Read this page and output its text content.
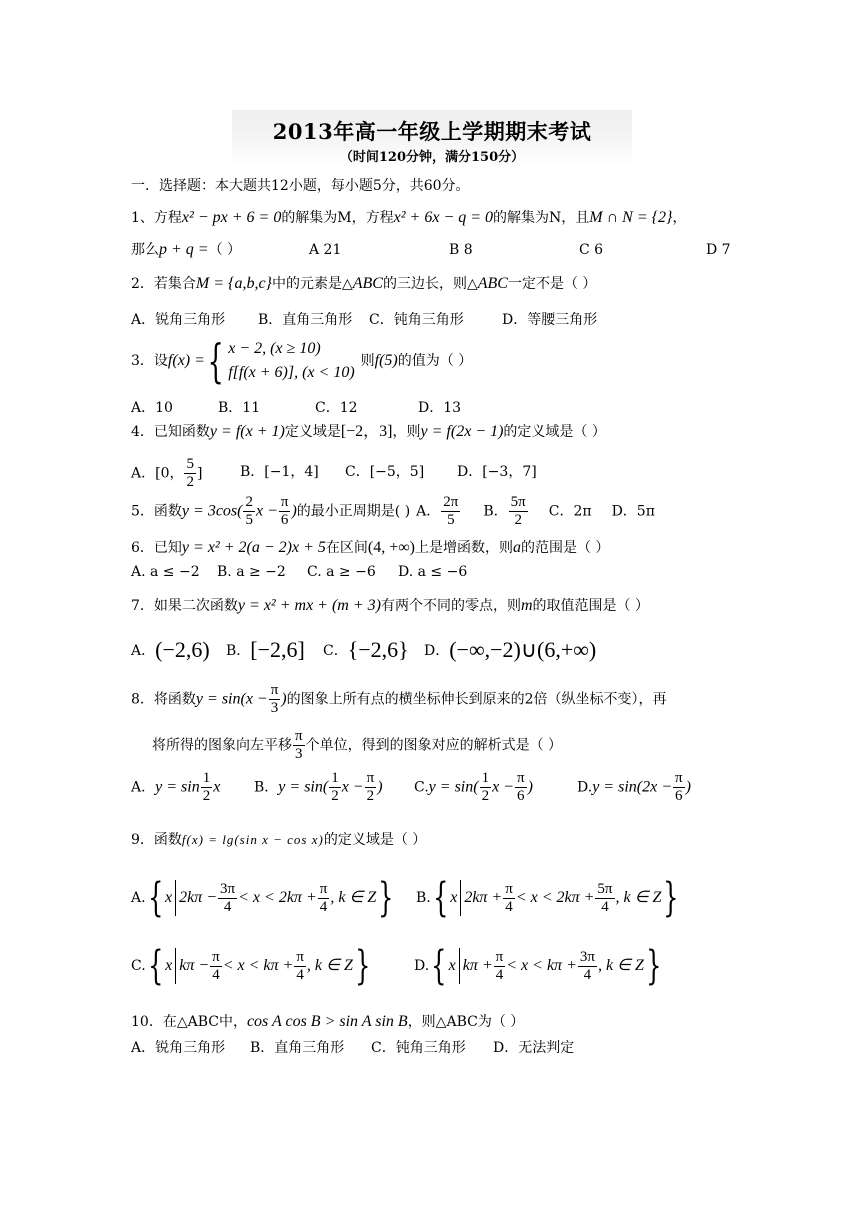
2013年高一年级上学期期末考试
（时间120分钟，满分150分）
一．选择题：本大题共12小题，每小题5分，共60分。
1、方程x² − px + 6 = 0的解集为M，方程x² + 6x − q = 0的解集为N，且M ∩ N = {2}，
那么p + q =（ ）	A 21	B 8	C 6	D 7
2．若集合M = {a,b,c}中的元素是△ABC的三边长，则△ABC一定不是（ ）
A．锐角三角形 B．直角三角形 C．钝角三角形	D．等腰三角形
3．设f(x) ={ x − 2, (x ≥ 10)
f[f(x + 6)], (x < 10)
则f(5)的值为（ ）
A．10	B．11	C．12	D．13
4．已知函数y = f(x + 1)定义域是[−2，3]，则y = f(2x − 1)的定义域是（ ）
A．[0， $\frac{5}{2}$ ]	B．[−1，4] C．[−5，5] D．[−3，7]
5．函数$y = 3\cos( \frac{2}{5}$ $x - \frac{\pi}{6}$ )的最小正周期是( ) A． $\frac{2\pi}{5}$ B． $\frac{5\pi}{2}$ C．2π D．5π
6．已知y = x² + 2(a − 2)x + 5在区间(4, +∞)上是增函数，则a的范围是（ ）
A. a ≤ −2 B. a ≥ −2 C. a ≥ −6 D. a ≤ −6
7．如果二次函数y = x² + mx + (m + 3)有两个不同的零点，则m的取值范围是（ ）
A．(−2,6) B．[−2,6] C．{−2,6} D．(−∞,−2)∪(6,+∞)
8．将函数$y = \sin(x - \frac{\pi}{3}$ )的图象上所有点的横坐标伸长到原来的2倍（纵坐标不变），再
将所得的图象向左平移 $\frac{\pi}{3}$ 个单位，得到的图象对应的解析式是（ ）
A．$y = \sin \frac{1}{2}$ x B．$y = \sin( \frac{1}{2}$ $x - \frac{\pi}{2}$ ) $C.y = \sin( \frac{1}{2}$ $x - \frac{\pi}{6}$ )	$D.y = \sin(2x - \frac{\pi}{6}$ )
9．函数f(x) = lg(sin x − cos x)的定义域是（ ）
A.{ x $2k\pi - \frac{3\pi}{4} < x < 2k\pi + \frac{\pi}{4}$ , k ∈ Z} B.{ x $2k\pi + \frac{\pi}{4} < x < 2k\pi + \frac{5\pi}{4}$ , k ∈ Z}
C.{ x $k\pi - \frac{\pi}{4} < x < k\pi + \frac{\pi}{4}$ , k ∈ Z}	D.{ x $k\pi + \frac{\pi}{4} < x < k\pi + \frac{3\pi}{4}$ , k ∈ Z}
10．在△ABC中，cos A cos B > sin A sin B，则△ABC为（ ）
A．锐角三角形 B．直角三角形 C．钝角三角形 D．无法判定
